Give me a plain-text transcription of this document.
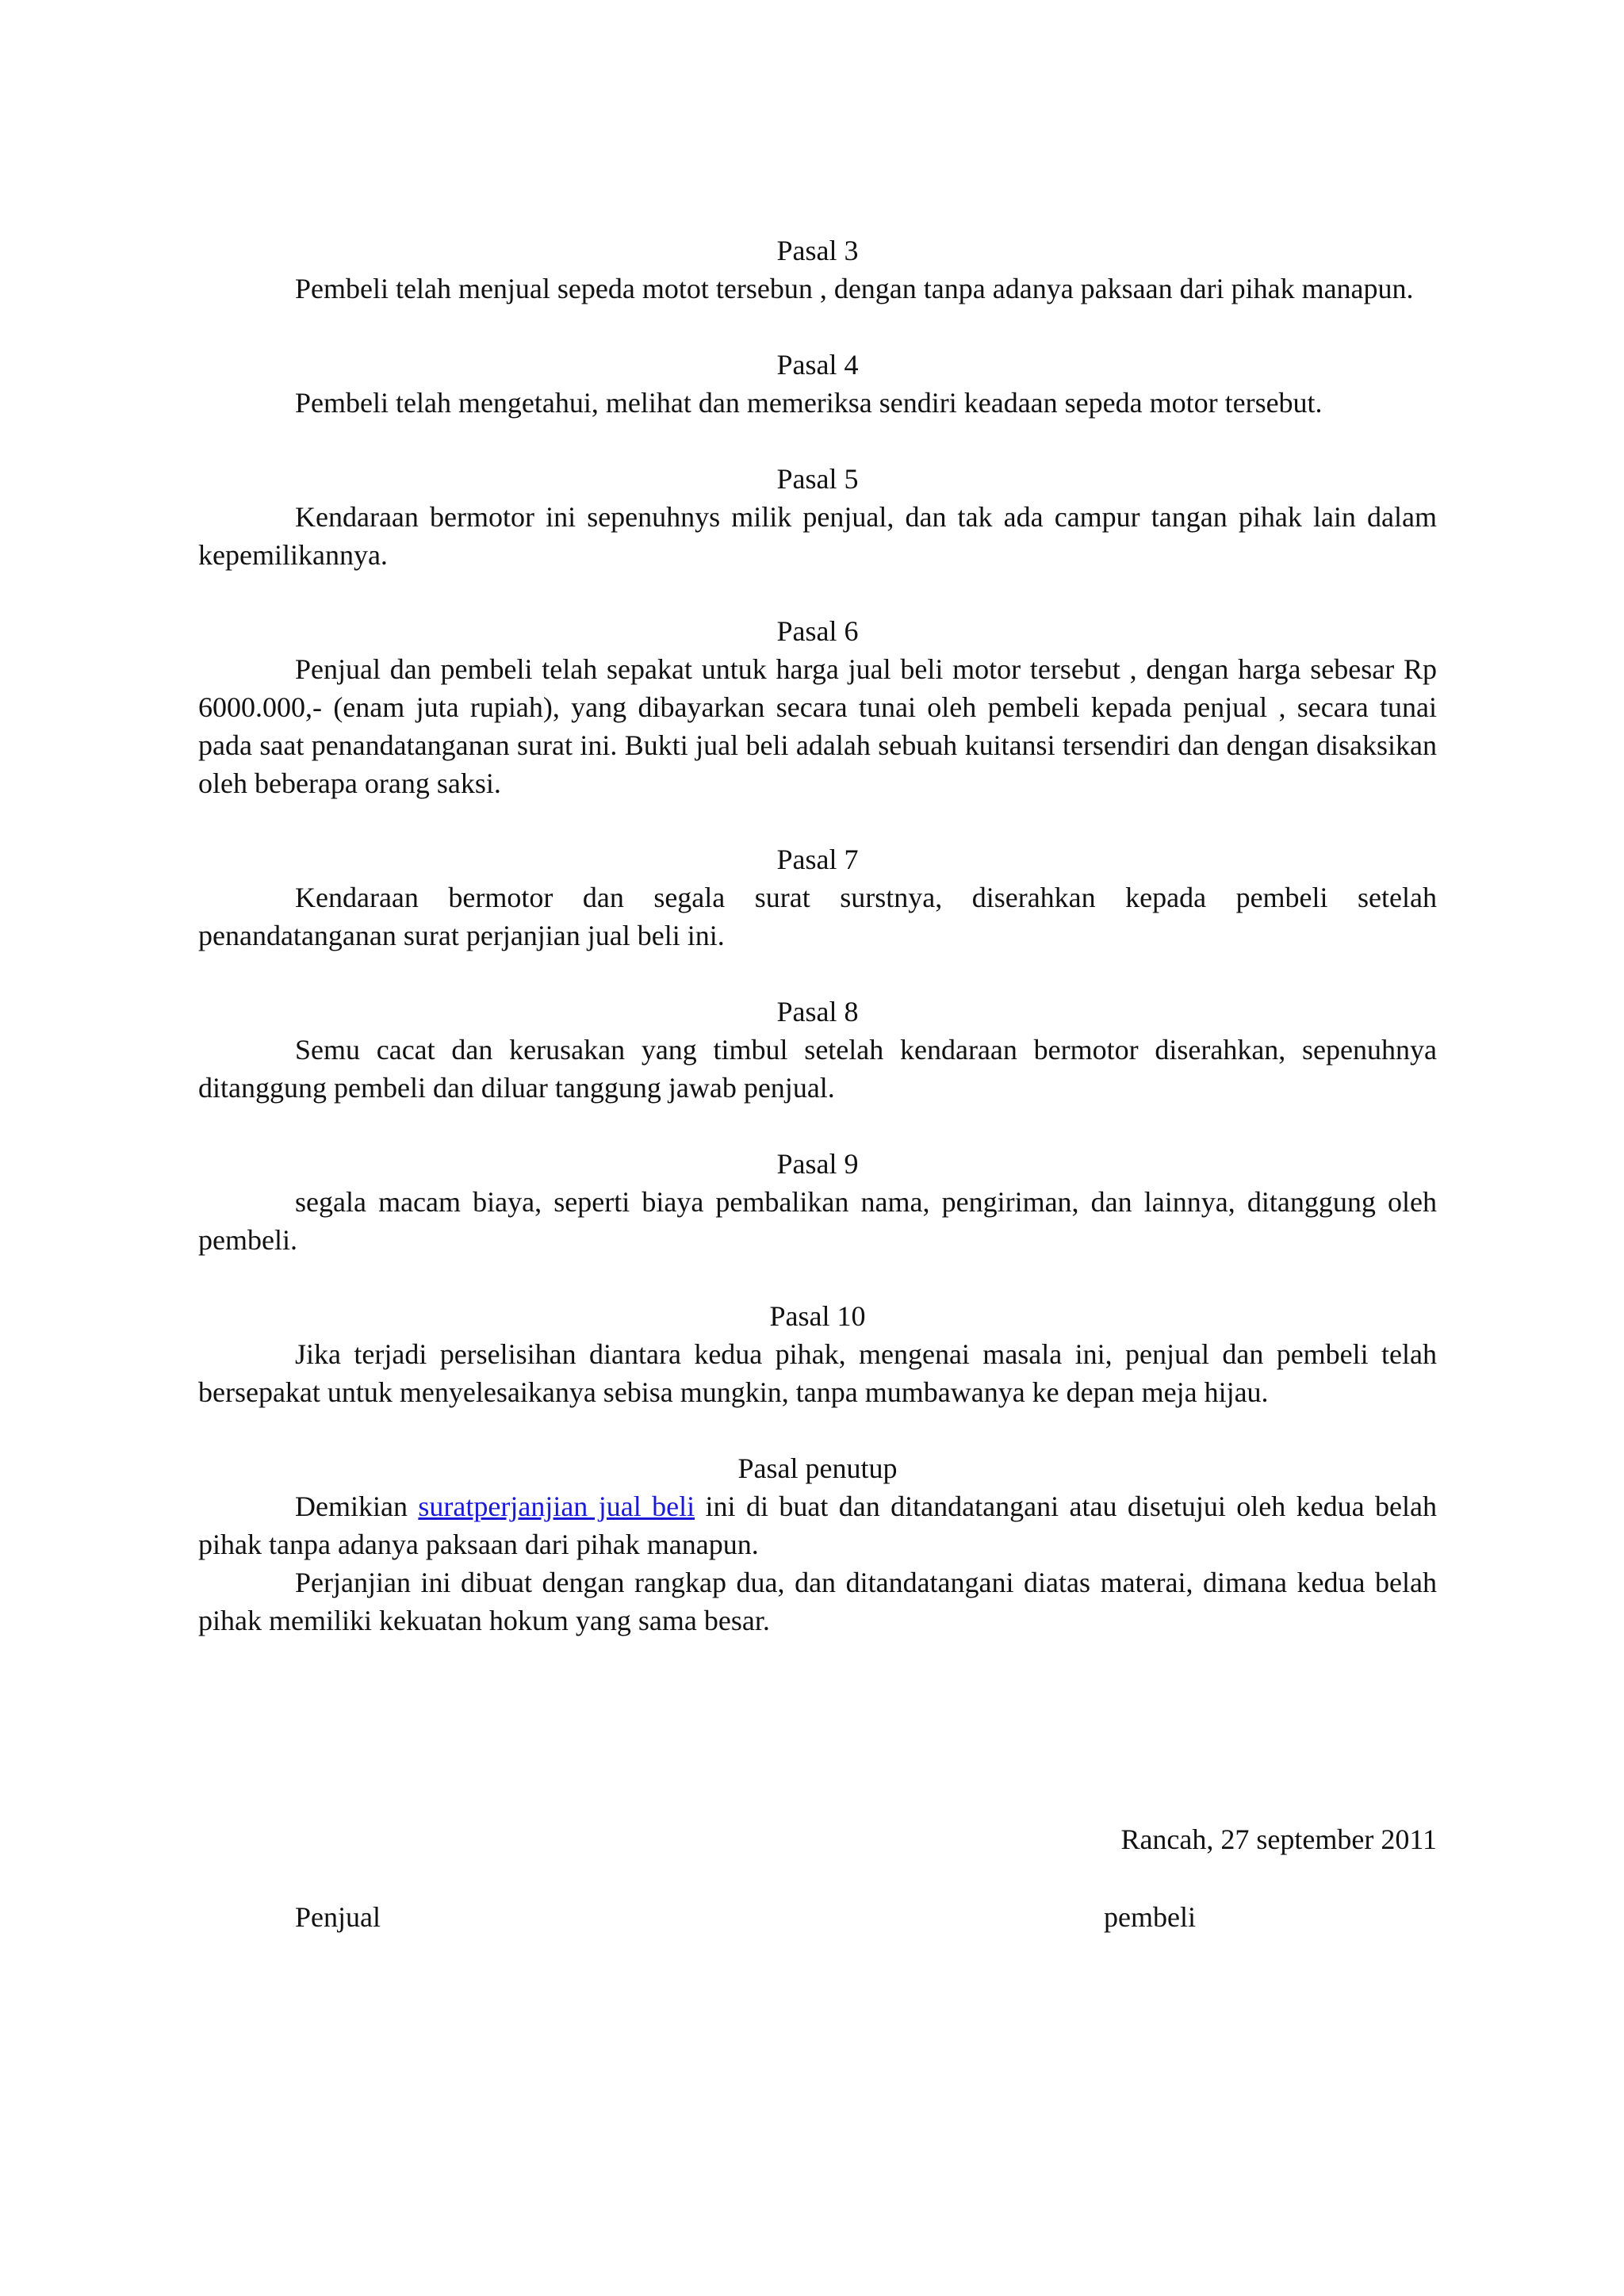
Pasal 3

Pembeli telah menjual sepeda motot tersebun , dengan tanpa adanya paksaan dari pihak manapun.

Pasal 4

Pembeli telah mengetahui, melihat dan memeriksa sendiri keadaan sepeda motor tersebut.

Pasal 5

Kendaraan bermotor ini sepenuhnys milik penjual, dan tak ada campur tangan pihak lain dalam kepemilikannya.

Pasal 6

Penjual dan pembeli telah sepakat untuk harga jual beli motor tersebut , dengan harga sebesar Rp 6000.000,- (enam juta rupiah), yang dibayarkan secara tunai oleh pembeli kepada penjual , secara tunai pada saat penandatanganan surat ini. Bukti jual beli adalah sebuah kuitansi tersendiri dan dengan disaksikan oleh beberapa orang saksi.

Pasal 7

Kendaraan bermotor dan segala surat surstnya, diserahkan kepada pembeli setelah penandatanganan surat perjanjian jual beli ini.

Pasal 8

Semu cacat dan kerusakan yang timbul setelah kendaraan bermotor diserahkan, sepenuhnya ditanggung pembeli dan diluar tanggung jawab penjual.

Pasal 9

segala macam biaya, seperti biaya pembalikan nama, pengiriman, dan lainnya, ditanggung oleh pembeli.

Pasal 10

Jika terjadi perselisihan diantara kedua pihak, mengenai masala ini, penjual dan pembeli telah bersepakat untuk menyelesaikanya sebisa mungkin, tanpa mumbawanya ke depan meja hijau.

Pasal penutup

Demikian suratperjanjian jual beli ini di buat dan ditandatangani atau disetujui oleh kedua belah pihak tanpa adanya paksaan dari pihak manapun.

Perjanjian ini dibuat dengan rangkap dua, dan ditandatangani diatas materai, dimana kedua belah pihak memiliki kekuatan hokum yang sama besar.

Rancah, 27 september 2011
Penjual	pembeli
